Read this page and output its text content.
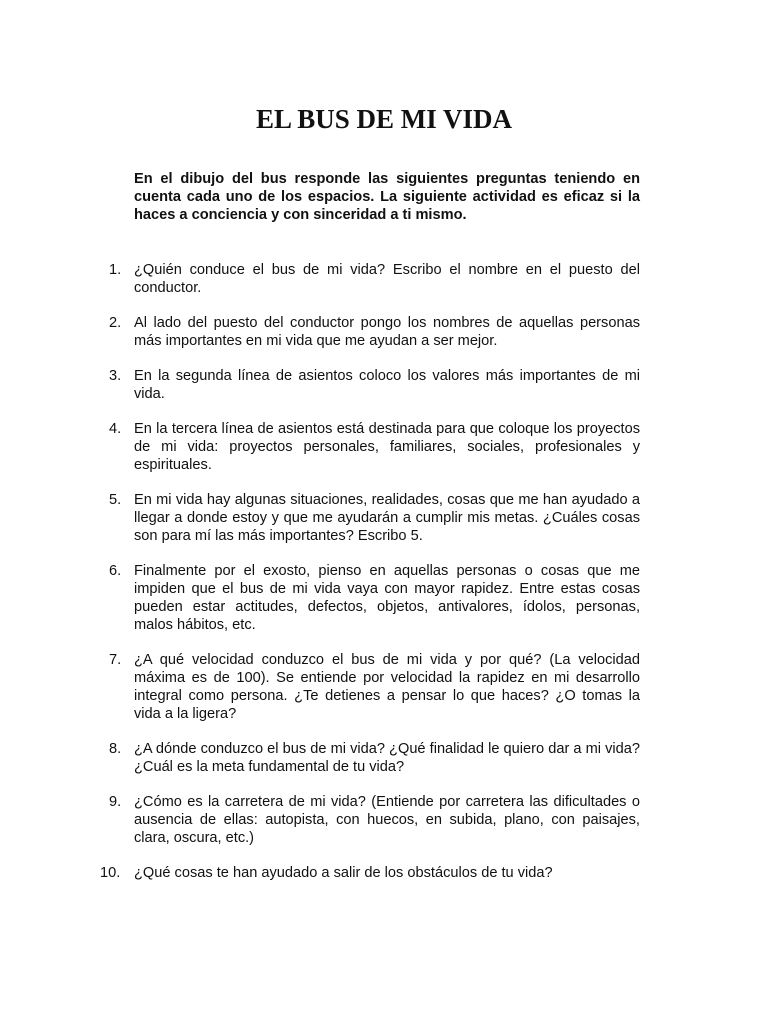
EL BUS DE MI VIDA

En el dibujo del bus responde las siguientes preguntas teniendo en cuenta cada uno de los espacios. La siguiente actividad es eficaz si la haces a conciencia y con sinceridad a ti mismo.

1. ¿Quién conduce el bus de mi vida? Escribo el nombre en el puesto del conductor.
2. Al lado del puesto del conductor pongo los nombres de aquellas personas más importantes en mi vida que me ayudan a ser mejor.
3. En la segunda línea de asientos coloco los valores más importantes de mi vida.
4. En la tercera línea de asientos está destinada para que coloque los proyectos de mi vida: proyectos personales, familiares, sociales, profesionales y espirituales.
5. En mi vida hay algunas situaciones, realidades, cosas que me han ayudado a llegar a donde estoy y que me ayudarán a cumplir mis metas. ¿Cuáles cosas son para mí las más importantes? Escribo 5.
6. Finalmente por el exosto, pienso en aquellas personas o cosas que me impiden que el bus de mi vida vaya con mayor rapidez. Entre estas cosas pueden estar actitudes, defectos, objetos, antivalores, ídolos, personas, malos hábitos, etc.
7. ¿A qué velocidad conduzco el bus de mi vida y por qué? (La velocidad máxima es de 100). Se entiende por velocidad la rapidez en mi desarrollo integral como persona. ¿Te detienes a pensar lo que haces? ¿O tomas la vida a la ligera?
8. ¿A dónde conduzco el bus de mi vida? ¿Qué finalidad le quiero dar a mi vida? ¿Cuál es la meta fundamental de tu vida?
9. ¿Cómo es la carretera de mi vida? (Entiende por carretera las dificultades o ausencia de ellas: autopista, con huecos, en subida, plano, con paisajes, clara, oscura, etc.)
10. ¿Qué cosas te han ayudado a salir de los obstáculos de tu vida?
